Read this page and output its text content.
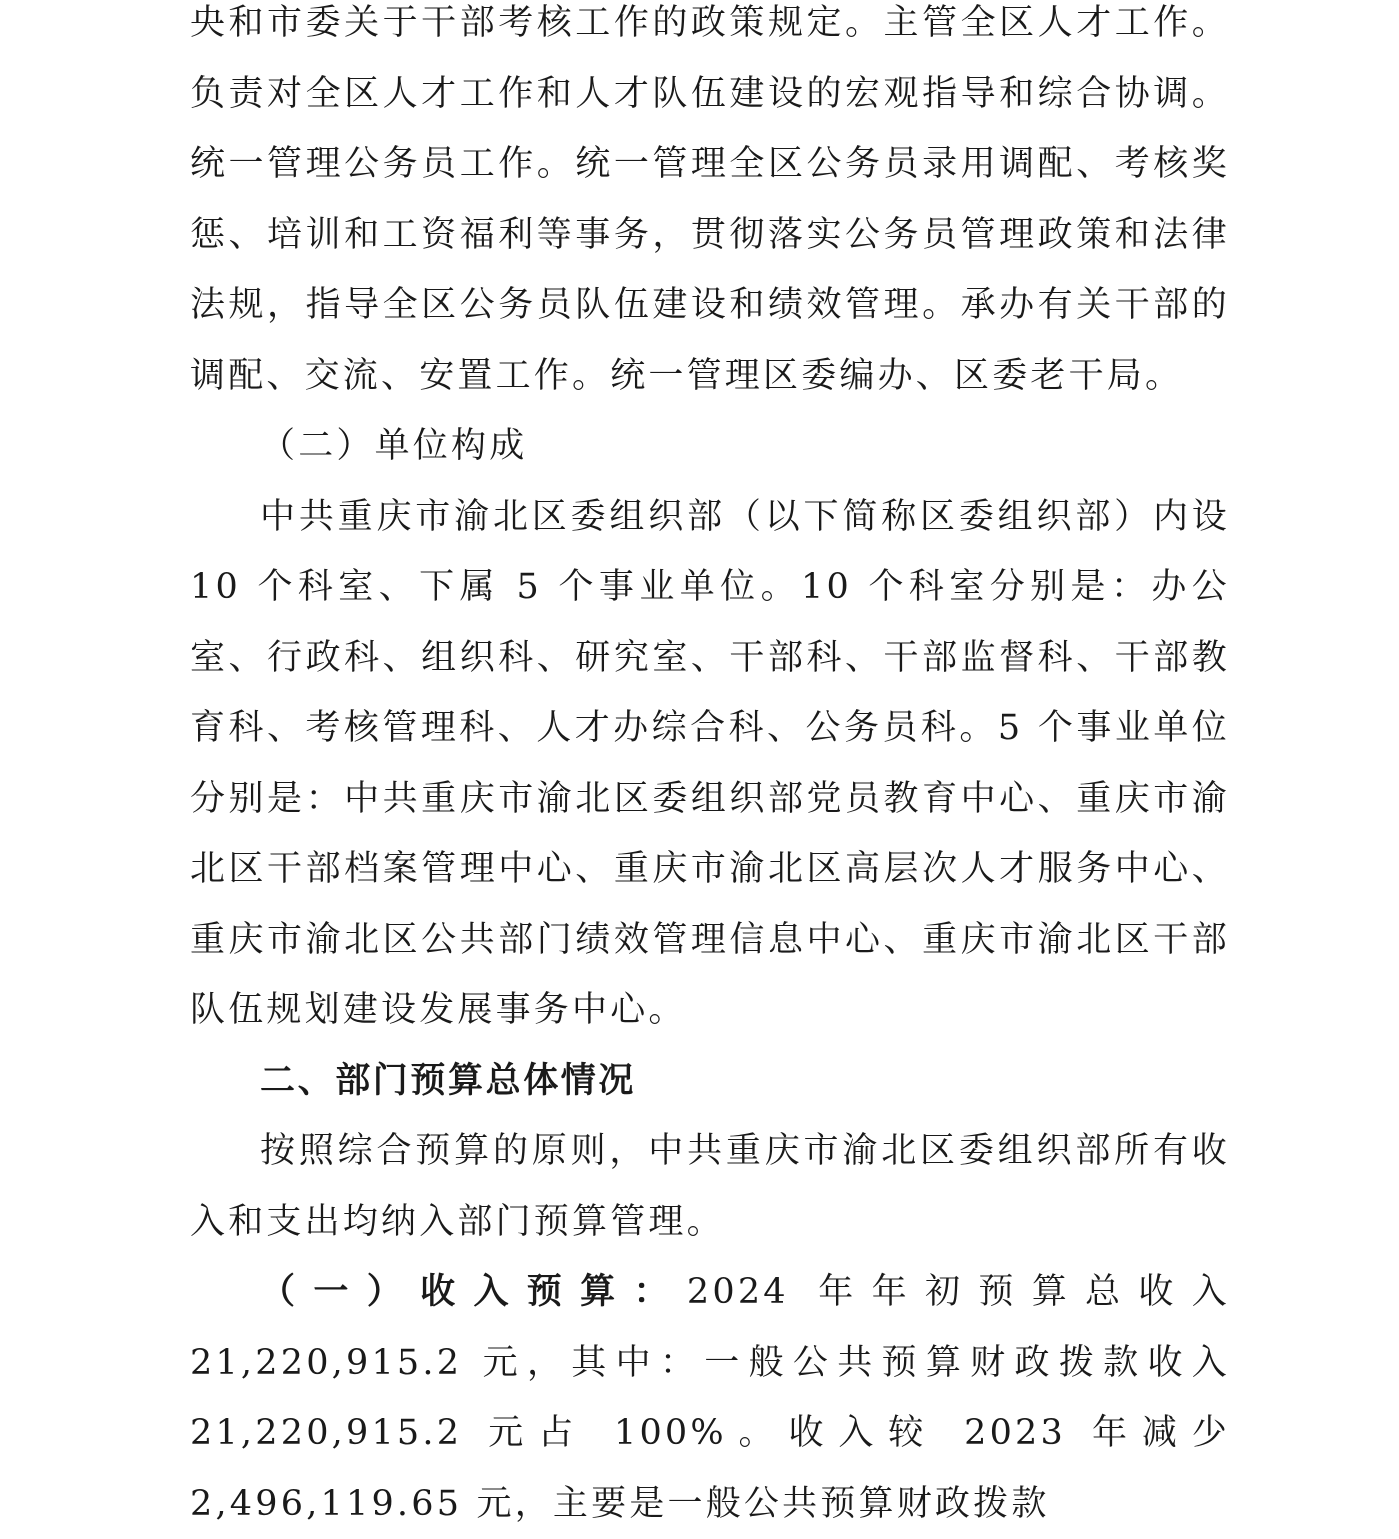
央和市委关于干部考核工作的政策规定。主管全区人才工作。负责对全区人才工作和人才队伍建设的宏观指导和综合协调。统一管理公务员工作。统一管理全区公务员录用调配、考核奖惩、培训和工资福利等事务，贯彻落实公务员管理政策和法律法规，指导全区公务员队伍建设和绩效管理。承办有关干部的调配、交流、安置工作。统一管理区委编办、区委老干局。

（二）单位构成

中共重庆市渝北区委组织部（以下简称区委组织部）内设 10 个科室、下属 5 个事业单位。10 个科室分别是：办公室、行政科、组织科、研究室、干部科、干部监督科、干部教育科、考核管理科、人才办综合科、公务员科。5 个事业单位分别是：中共重庆市渝北区委组织部党员教育中心、重庆市渝北区干部档案管理中心、重庆市渝北区高层次人才服务中心、重庆市渝北区公共部门绩效管理信息中心、重庆市渝北区干部队伍规划建设发展事务中心。

二、部门预算总体情况

按照综合预算的原则，中共重庆市渝北区委组织部所有收入和支出均纳入部门预算管理。

（一）收入预算：2024 年年初预算总收入 21,220,915.2 元，其中：一般公共预算财政拨款收入 21,220,915.2 元占 100%。收入较 2023 年减少 2,496,119.65 元，主要是一般公共预算财政拨款
